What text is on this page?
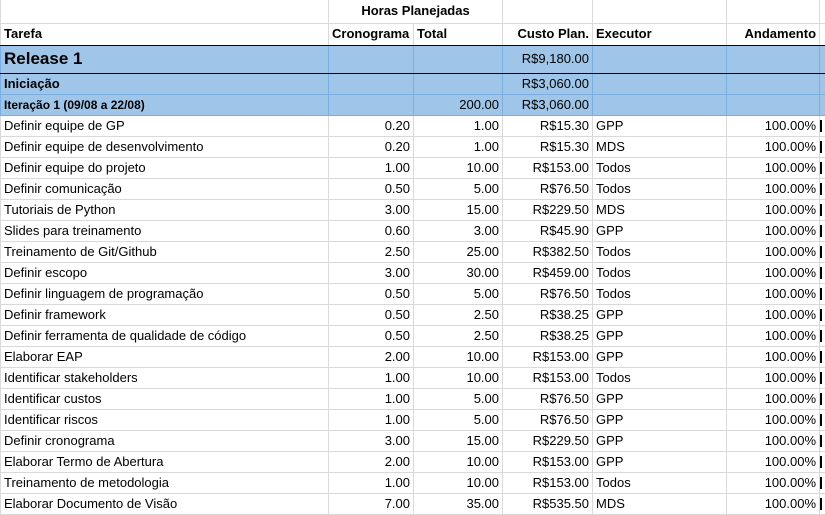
	Horas Planejadas					
Tarefa	Cronograma	Total	Custo Plan.	Executor	Andamento	
Release 1			R$9,180.00			
Iniciação			R$3,060.00			
Iteração 1 (09/08 a 22/08)		200.00	R$3,060.00			
Definir equipe de GP	0.20	1.00	R$15.30	GPP	100.00%	

Definir equipe de desenvolvimento	0.20	1.00	R$15.30	MDS	100.00%	

Definir equipe do projeto	1.00	10.00	R$153.00	Todos	100.00%	

Definir comunicação	0.50	5.00	R$76.50	Todos	100.00%	

Tutoriais de Python	3.00	15.00	R$229.50	MDS	100.00%	

Slides para treinamento	0.60	3.00	R$45.90	GPP	100.00%	

Treinamento de Git/Github	2.50	25.00	R$382.50	Todos	100.00%	

Definir escopo	3.00	30.00	R$459.00	Todos	100.00%	

Definir linguagem de programação	0.50	5.00	R$76.50	Todos	100.00%	

Definir framework	0.50	2.50	R$38.25	GPP	100.00%	

Definir ferramenta de qualidade de código	0.50	2.50	R$38.25	GPP	100.00%	

Elaborar EAP	2.00	10.00	R$153.00	GPP	100.00%	

Identificar stakeholders	1.00	10.00	R$153.00	Todos	100.00%	

Identificar custos	1.00	5.00	R$76.50	GPP	100.00%	

Identificar riscos	1.00	5.00	R$76.50	GPP	100.00%	

Definir cronograma	3.00	15.00	R$229.50	GPP	100.00%	

Elaborar Termo de Abertura	2.00	10.00	R$153.00	GPP	100.00%	

Treinamento de metodologia	1.00	10.00	R$153.00	Todos	100.00%	

Elaborar Documento de Visão	7.00	35.00	R$535.50	MDS	100.00%	
